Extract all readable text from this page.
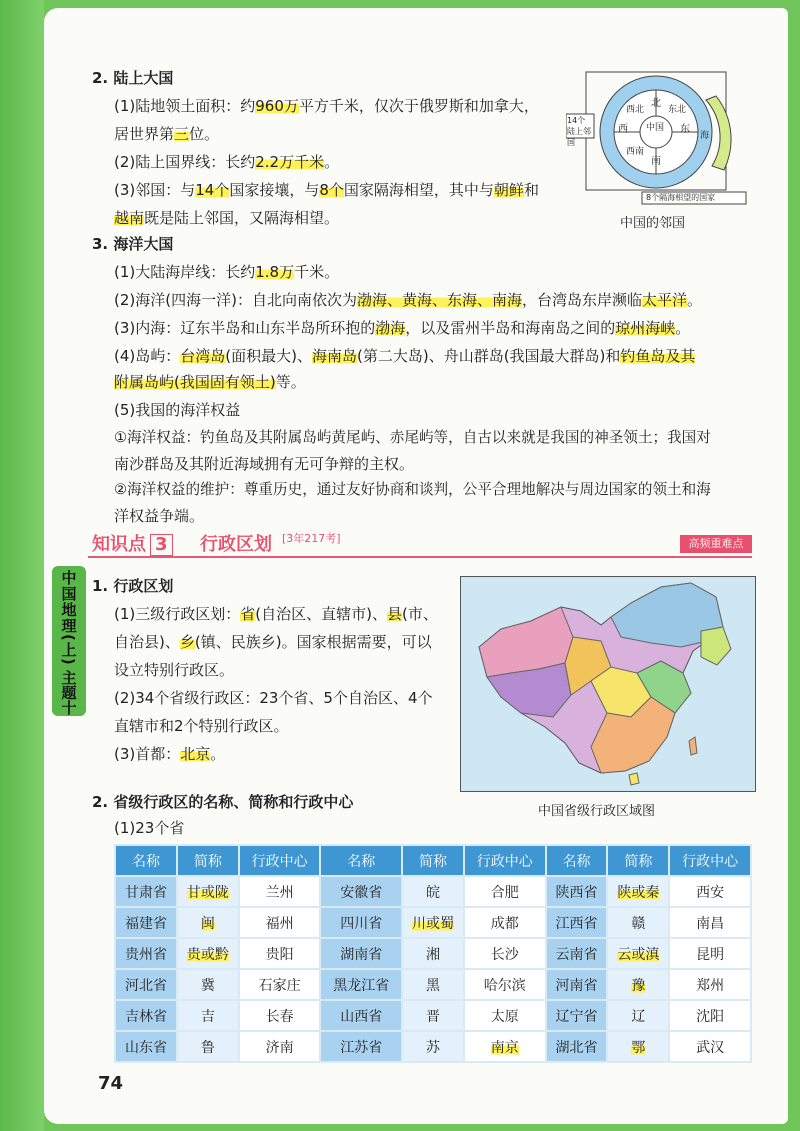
2. 陆上大国
(1)陆地领土面积：约960万平方千米，仅次于俄罗斯和加拿大，
居世界第三位。
(2)陆上国界线：长约2.2万千米。
(3)邻国：与14个国家接壤，与8个国家隔海相望，其中与朝鲜和
越南既是陆上邻国，又隔海相望。
中国
北
南
西	东
西北	东北
西南
海
14个陆上邻国
8个隔海相望的国家
中国的邻国
3. 海洋大国
(1)大陆海岸线：长约1.8万千米。
(2)海洋(四海一洋)：自北向南依次为渤海、黄海、东海、南海，台湾岛东岸濒临太平洋。
(3)内海：辽东半岛和山东半岛所环抱的渤海，以及雷州半岛和海南岛之间的琼州海峡。
(4)岛屿：台湾岛(面积最大)、海南岛(第二大岛)、舟山群岛(我国最大群岛)和钓鱼岛及其
附属岛屿(我国固有领土)等。
(5)我国的海洋权益
①海洋权益：钓鱼岛及其附属岛屿黄尾屿、赤尾屿等，自古以来就是我国的神圣领土；我国对
南沙群岛及其附近海域拥有无可争辩的主权。
②海洋权益的维护：尊重历史，通过友好协商和谈判，公平合理地解决与周边国家的领土和海
洋权益争端。
知识点 3 行政区划 [3年217考]	高频重难点
中国地理(上)
主题十
1. 行政区划
(1)三级行政区划：省(自治区、直辖市)、县(市、
自治县)、乡(镇、民族乡)。国家根据需要，可以
设立特别行政区。
(2)34个省级行政区：23个省、5个自治区、4个
直辖市和2个特别行政区。
(3)首都：北京。
中国省级行政区域图
2. 省级行政区的名称、简称和行政中心
(1)23个省
名称	简称	行政中心	名称	简称	行政中心	名称	简称	行政中心
甘肃省	甘或陇	兰州	安徽省	皖	合肥	陕西省	陕或秦	西安
福建省	闽	福州	四川省	川或蜀	成都	江西省	赣	南昌
贵州省	贵或黔	贵阳	湖南省	湘	长沙	云南省	云或滇	昆明
河北省	冀	石家庄	黑龙江省	黑	哈尔滨	河南省	豫	郑州
吉林省	吉	长春	山西省	晋	太原	辽宁省	辽	沈阳
山东省	鲁	济南	江苏省	苏	南京	湖北省	鄂	武汉
74
